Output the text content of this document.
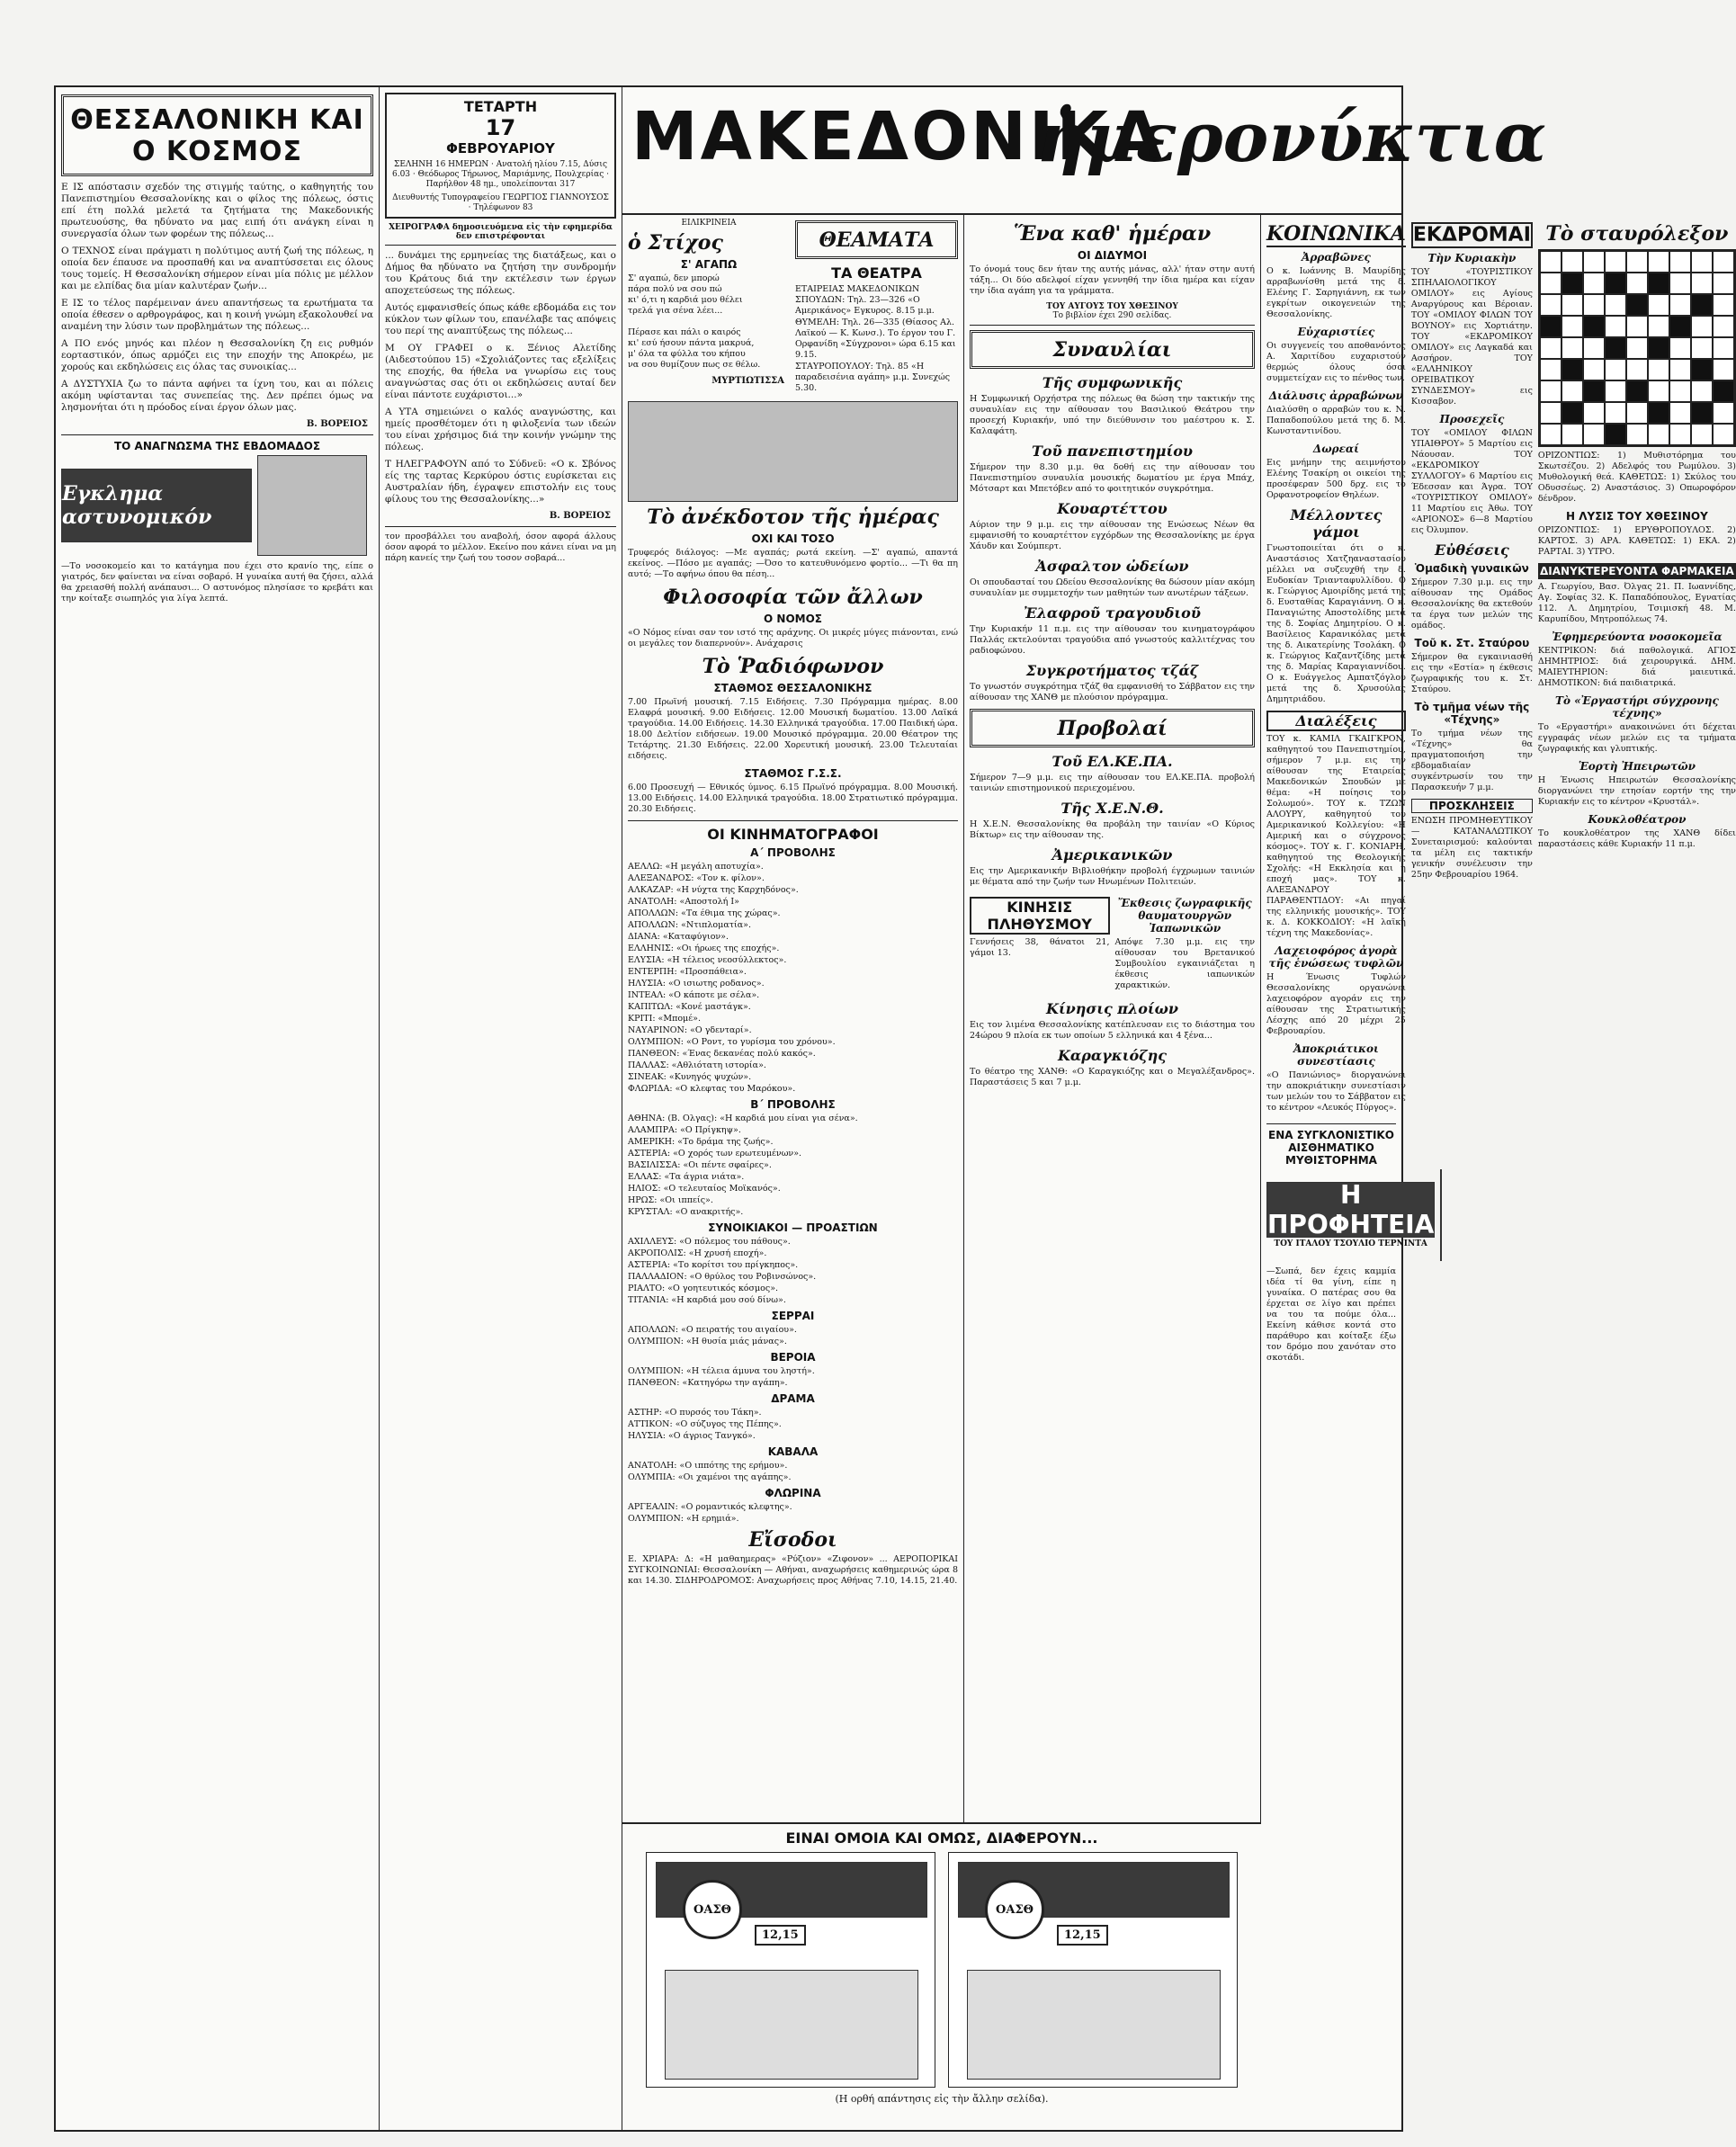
ΘΕΣΣΑΛΟΝΙΚΗ ΚΑΙ Ο ΚΟΣΜΟΣ

Ε ΙΣ απόστασιν σχεδόν της στιγμής ταύτης, ο καθηγητής του Πανεπιστημίου Θεσσαλονίκης και ο φίλος της πόλεως, όστις επί έτη πολλά μελετά τα ζητήματα της Μακεδονικής πρωτευούσης, θα ηδύνατο να μας ειπή ότι ανάγκη είναι η συνεργασία όλων των φορέων της πόλεως...

Ο ΤΕΧΝΟΣ είναι πράγματι η πολύτιμος αυτή ζωή της πόλεως, η οποία δεν έπαυσε να προσπαθή και να αναπτύσσεται εις όλους τους τομείς. Η Θεσσαλονίκη σήμερον είναι μία πόλις με μέλλον και με ελπίδας δια μίαν καλυτέραν ζωήν...

Ε ΙΣ το τέλος παρέμειναν άνευ απαντήσεως τα ερωτήματα τα οποία έθεσεν ο αρθρογράφος, και η κοινή γνώμη εξακολουθεί να αναμένη την λύσιν των προβλημάτων της πόλεως...

Α ΠΟ ενός μηνός και πλέον η Θεσσαλονίκη ζη εις ρυθμόν εορταστικόν, όπως αρμόζει εις την εποχήν της Αποκρέω, με χορούς και εκδηλώσεις εις όλας τας συνοικίας...

Α ΔΥΣΤΥΧΙΑ ζω το πάντα αφήνει τα ίχνη του, και αι πόλεις ακόμη υφίστανται τας συνεπείας της. Δεν πρέπει όμως να λησμονήται ότι η πρόοδος είναι έργον όλων μας.

Β. ΒΟΡΕΙΟΣ
ΤΟ ΑΝΑΓΝΩΣΜΑ ΤΗΣ ΕΒΔΟΜΑΔΟΣ
Εγκλημα αστυνομικόν

—Το νοσοκομείο και το κατάγημα που έχει στο κρανίο της, είπε ο γιατρός, δεν φαίνεται να είναι σοβαρό. Η γυναίκα αυτή θα ζήσει, αλλά θα χρειασθή πολλή ανάπαυσι... Ο αστυνόμος πλησίασε το κρεβάτι και την κοίταξε σιωπηλός για λίγα λεπτά.

ΤΕΤΑΡΤΗ
17
ΦΕΒΡΟΥΑΡΙΟΥ
ΣΕΛΗΝΗ 16 ΗΜΕΡΩΝ · Ανατολή ηλίου 7.15, Δύσις 6.03 · Θεόδωρος Τήρωνος, Μαριάμνης, Πουλχερίας · Παρήλθον 48 ημ., υπολείπονται 317
Διευθυντής Τυπογραφείου ΓΕΩΡΓΙΟΣ ΓΙΑΝΝΟΥΣΟΣ · Τηλέφωνον 83
ΧΕΙΡΟΓΡΑΦΑ δημοσιευόμενα εἰς τὴν εφημερίδα δεν επιστρέφονται

... δυνάμει της ερμηνείας της διατάξεως, και ο Δήμος θα ηδύνατο να ζητήση την συνδρομήν του Κράτους διά την εκτέλεσιν των έργων αποχετεύσεως της πόλεως.

Αυτός εμφανισθείς όπως κάθε εβδομάδα εις τον κύκλον των φίλων του, επανέλαβε τας απόψεις του περί της αναπτύξεως της πόλεως...

Μ ΟΥ ΓΡΑΦΕΙ ο κ. Ξένιος Αλετίδης (Αιδεστούπου 15) «Σχολιάζοντες τας εξελίξεις της εποχής, θα ήθελα να γνωρίσω εις τους αναγνώστας σας ότι οι εκδηλώσεις αυταί δεν είναι πάντοτε ευχάριστοι...»

Α ΥΤΑ σημειώνει ο καλός αναγνώστης, και ημείς προσθέτομεν ότι η φιλοξενία των ιδεών του είναι χρήσιμος διά την κοινήν γνώμην της πόλεως.

Τ ΗΛΕΓΡΑΦΟΥΝ από το Σύδνεϋ: «Ο κ. Σβόνος είς της ταρτας Κερκύρου όστις ευρίσκεται εις Αυστραλίαν ήδη, έγραψεν επιστολήν εις τους φίλους του της Θεσσαλονίκης...»

Β. ΒΟΡΕΙΟΣ

τον προσβάλλει του αναβολή, όσον αφορά άλλους όσον αφορά το μέλλον. Εκείνο που κάνει είναι να μη πάρη κανείς την ζωή του τοσον σοβαρά...

ΜΑΚΕΔΟΝΙΚΑ
ἡμερονύκτια
ΕΙΛΙΚΡΙΝΕΙΑ
ὁ Στίχος
Σ' ΑΓΑΠΩ

Σ' αγαπώ, δεν μπορώ
πάρα πολύ να σου πώ
κι' ό,τι η καρδιά μου θέλει
τρελά για σένα λέει...

Πέρασε και πάλι ο καιρός
κι' εσύ ήσουν πάντα μακρυά,
μ' όλα τα φύλλα του κήπου
να σου θυμίζουν πως σε θέλω.

ΜΥΡΤΙΩΤΙΣΣΑ
ΘΕΑΜΑΤΑ
ΤΑ ΘΕΑΤΡΑ
ΕΤΑΙΡΕΙΑΣ ΜΑΚΕΔΟΝΙΚΩΝ ΣΠΟΥΔΩΝ: Τηλ. 23—326 «Ο Αμερικάνος» Εγκυρος. 8.15 μ.μ.
ΘΥΜΕΛΗ: Τηλ. 26—335 (Θίασος Αλ. Λαϊκού — Κ. Κωνσ.). Το έργον του Γ. Ορφανίδη «Σύγχρονοι» ώρα 6.15 και 9.15.
ΣΤΑΥΡΟΠΟΥΛΟΥ: Τηλ. 85 «Η παραδεισένια αγάπη» μ.μ. Συνεχώς 5.30.
Τὸ ἀνέκδοτον τῆς ἡμέρας
ΟΧΙ ΚΑΙ ΤΟΣΟ

Τρυφερός διάλογος: —Με αγαπάς; ρωτά εκείνη. —Σ' αγαπώ, απαντά εκείνος. —Πόσο με αγαπάς; —Όσο το κατευθυνόμενο φορτίο... —Τι θα πη αυτό; —Το αφήνω όπου θα πέση...

Φιλοσοφία τῶν ἄλλων
Ο ΝΟΜΟΣ

«Ο Νόμος είναι σαν τον ιστό της αράχνης. Οι μικρές μύγες πιάνονται, ενώ οι μεγάλες τον διαπερνούν». Ανάχαρσις

Τὸ Ῥαδιόφωνον
ΣΤΑΘΜΟΣ ΘΕΣΣΑΛΟΝΙΚΗΣ

7.00 Πρωϊνή μουσική. 7.15 Ειδήσεις. 7.30 Πρόγραμμα ημέρας. 8.00 Ελαφρά μουσική. 9.00 Ειδήσεις. 12.00 Μουσική δωματίου. 13.00 Λαϊκά τραγούδια. 14.00 Ειδήσεις. 14.30 Ελληνικά τραγούδια. 17.00 Παιδική ώρα. 18.00 Δελτίον ειδήσεων. 19.00 Μουσικό πρόγραμμα. 20.00 Θέατρον της Τετάρτης. 21.30 Ειδήσεις. 22.00 Χορευτική μουσική. 23.00 Τελευταίαι ειδήσεις.

ΣΤΑΘΜΟΣ Γ.Σ.Σ.

6.00 Προσευχή — Εθνικός ύμνος. 6.15 Πρωϊνό πρόγραμμα. 8.00 Μουσική. 13.00 Ειδήσεις. 14.00 Ελληνικά τραγούδια. 18.00 Στρατιωτικό πρόγραμμα. 20.30 Ειδήσεις.

ΟΙ ΚΙΝΗΜΑΤΟΓΡΑΦΟΙ
Α΄ ΠΡΟΒΟΛΗΣ
ΑΕΛΛΩ: «Η μεγάλη αποτυχία».
ΑΛΕΞΑΝΔΡΟΣ: «Τον κ. φίλον».
ΑΛΚΑΖΑΡ: «Η νύχτα της Καρχηδόνος».
ΑΝΑΤΟΛΗ: «Αποστολή Ι»
ΑΠΟΛΛΩΝ: «Τα έθιμα της χώρας».
ΑΠΟΛΛΩΝ: «Ντιπλοματία».
ΔΙΑΝΑ: «Καταφύγιον».
ΕΛΛΗΝΙΣ: «Οι ήρωες της εποχής».
ΕΛΥΣΙΑ: «Η τέλειος νεοσύλλεκτος».
ΕΝΤΕΡΠΗ: «Προσπάθεια».
ΗΛΥΣΙΑ: «Ο ισιωτης ροδανος».
ΙΝΤΕΑΛ: «Ο κάποτε με σέλα».
ΚΑΠΙΤΩΛ: «Κονέ μαστάγκ».
ΚΡΙΤΙ: «Μπομέ».
ΝΑΥΑΡΙΝΟΝ: «Ο γδενταρί».
ΟΛΥΜΠΙΟΝ: «Ο Ροντ, το γυρίσμα του χρόνου».
ΠΑΝΘΕΟΝ: «Ένας δεκανέας πολύ κακός».
ΠΑΛΛΑΣ: «Αθλιότατη ιστορία».
ΣΙΝΕΑΚ: «Κυνηγός ψυχών».
ΦΛΩΡΙΔΑ: «Ο κλεφτας του Μαρόκου».
Β΄ ΠΡΟΒΟΛΗΣ
ΑΘΗΝΑ: (Β. Ολγας): «Η καρδιά μου είναι για σένα».
ΑΛΑΜΠΡΑ: «Ο Πρίγκηψ».
ΑΜΕΡΙΚΗ: «Το δράμα της ζωής».
ΑΣΤΕΡΙΑ: «Ο χορός των ερωτευμένων».
ΒΑΣΙΛΙΣΣΑ: «Οι πέντε σφαίρες».
ΕΛΛΑΣ: «Τα άγρια νιάτα».
ΗΛΙΟΣ: «Ο τελευταίος Μοϊκανός».
ΗΡΩΣ: «Οι ιππείς».
ΚΡΥΣΤΑΛ: «Ο ανακριτής».
ΣΥΝΟΙΚΙΑΚΟΙ — ΠΡΟΑΣΤΙΩΝ
ΑΧΙΛΛΕΥΣ: «Ο πόλεμος του πάθους».
ΑΚΡΟΠΟΛΙΣ: «Η χρυσή εποχή».
ΑΣΤΕΡΙΑ: «Το κορίτσι του πρίγκηπος».
ΠΑΛΛΑΔΙΟΝ: «Ο θρύλος του Ροβινσώνος».
ΡΙΑΛΤΟ: «Ο γοητευτικός κόσμος».
ΤΙΤΑΝΙΑ: «Η καρδιά μου σού δίνω».
ΣΕΡΡΑΙ
ΑΠΟΛΛΩΝ: «Ο πειρατής του αιγαίου».
ΟΛΥΜΠΙΟΝ: «Η θυσία μιάς μάνας».
ΒΕΡΟΙΑ
ΟΛΥΜΠΙΟΝ: «Η τέλεια άμυνα του ληστή».
ΠΑΝΘΕΟΝ: «Κατηγόρω την αγάπη».
ΔΡΑΜΑ
ΑΣΤΗΡ: «Ο πυρσός του Τάκη».
ΑΤΤΙΚΟΝ: «Ο σύζυγος της Πέπης».
ΗΛΥΣΙΑ: «Ο άγριος Τανγκό».
ΚΑΒΑΛΑ
ΑΝΑΤΟΛΗ: «Ο ιππότης της ερήμου».
ΟΛΥΜΠΙΑ: «Οι χαμένοι της αγάπης».
ΦΛΩΡΙΝΑ
ΑΡΓΕΑΛΙΝ: «Ο ρομαντικός κλεφτης».
ΟΛΥΜΠΙΟΝ: «Η ερημιά».
Εἴσοδοι

Ε. ΧΡΙΑΡΑ: Δ: «Η μαθαημερας» «Ρύζιον» «Ζιφονον» ... ΑΕΡΟΠΟΡΙΚΑΙ ΣΥΓΚΟΙΝΩΝΙΑΙ: Θεσσαλονίκη — Αθήναι, αναχωρήσεις καθημερινώς ώρα 8 και 14.30. ΣΙΔΗΡΟΔΡΟΜΟΣ: Αναχωρήσεις προς Αθήνας 7.10, 14.15, 21.40.

Ἕνα καθ' ἡμέραν
ΟΙ ΔΙΔΥΜΟΙ

Το όνομά τους δεν ήταν της αυτής μάνας, αλλ' ήταν στην αυτή τάξη... Οι δύο αδελφοί είχαν γεννηθή την ίδια ημέρα και είχαν την ίδια αγάπη για τα γράμματα.

ΤΟΥ ΑΥΓΟΥΣ ΤΟΥ ΧΘΕΣΙΝΟΥ
Το βιβλίον έχει 290 σελίδας.
Συναυλίαι
Τῆς συμφωνικῆς

Η Συμφωνική Ορχήστρα της πόλεως θα δώση την τακτικήν της συναυλίαν εις την αίθουσαν του Βασιλικού Θεάτρου την προσεχή Κυριακήν, υπό την διεύθυνσιν του μαέστρου κ. Σ. Καλαφάτη.

Τοῦ πανεπιστημίου

Σήμερον την 8.30 μ.μ. θα δοθή εις την αίθουσαν του Πανεπιστημίου συναυλία μουσικής δωματίου με έργα Μπάχ, Μότσαρτ και Μπετόβεν από το φοιτητικόν συγκρότημα.

Κουαρτέττου

Αύριον την 9 μ.μ. εις την αίθουσαν της Ενώσεως Νέων θα εμφανισθή το κουαρτέττον εγχόρδων της Θεσσαλονίκης με έργα Χάυδν και Σούμπερτ.

Ἀσφαλτον ὠδείων

Οι σπουδασταί του Ωδείου Θεσσαλονίκης θα δώσουν μίαν ακόμη συναυλίαν με συμμετοχήν των μαθητών των ανωτέρων τάξεων.

Ἐλαφροῦ τραγουδιοῦ

Την Κυριακήν 11 π.μ. εις την αίθουσαν του κινηματογράφου Παλλάς εκτελούνται τραγούδια από γνωστούς καλλιτέχνας του ραδιοφώνου.

Συγκροτήματος τζάζ

Το γνωστόν συγκρότημα τζάζ θα εμφανισθή το Σάββατον εις την αίθουσαν της ΧΑΝΘ με πλούσιον πρόγραμμα.

Προβολαί
Τοῦ ΕΛ.ΚΕ.ΠΑ.

Σήμερον 7—9 μ.μ. εις την αίθουσαν του ΕΛ.ΚΕ.ΠΑ. προβολή ταινιών επιστημονικού περιεχομένου.

Τῆς Χ.Ε.Ν.Θ.

Η Χ.Ε.Ν. Θεσσαλονίκης θα προβάλη την ταινίαν «Ο Κύριος Βίκτωρ» εις την αίθουσαν της.

Ἀμερικανικῶν

Εις την Αμερικανικήν Βιβλιοθήκην προβολή έγχρωμων ταινιών με θέματα από την ζωήν των Ηνωμένων Πολιτειών.

ΚΙΝΗΣΙΣ ΠΛΗΘΥΣΜΟΥ

Γεννήσεις 38, θάνατοι 21, γάμοι 13.

Ἔκθεσις ζωγραφικῆς θαυματουργῶν Ἰαπωνικῶν

Απόψε 7.30 μ.μ. εις την αίθουσαν του Βρετανικού Συμβουλίου εγκαινιάζεται η έκθεσις ιαπωνικών χαρακτικών.

Κίνησις πλοίων

Εις τον λιμένα Θεσσαλονίκης κατέπλευσαν εις το διάστημα του 24ώρου 9 πλοία εκ των οποίων 5 ελληνικά και 4 ξένα...

Καραγκιόζης

Το θέατρο της ΧΑΝΘ: «Ο Καραγκιόζης και ο Μεγαλέξανδρος». Παραστάσεις 5 και 7 μ.μ.

ΚΟΙΝΩΝΙΚΑ
Ἀρραβῶνες

Ο κ. Ιωάννης Β. Μαυρίδης αρραβωνίσθη μετά της δ. Ελένης Γ. Σαρηγιάννη, εκ των εγκρίτων οικογενειών της Θεσσαλονίκης.

Εὐχαριστίες

Οι συγγενείς του αποθανόντος Α. Χαριτίδου ευχαριστούν θερμώς όλους όσοι συμμετείχαν εις το πένθος των.

Διάλυσις ἀρραβώνων

Διαλύσθη ο αρραβών του κ. Ν. Παπαδοπούλου μετά της δ. Μ. Κωνσταντινίδου.

Δωρεαί

Εις μνήμην της αειμνήστου Ελένης Τσακίρη οι οικείοι της προσέφεραν 500 δρχ. εις το Ορφανοτροφείον Θηλέων.

Μέλλοντες γάμοι

Γνωστοποιείται ότι ο κ. Αναστάσιος Χατζηαναστασίου μέλλει να συζευχθή την δ. Ευδοκίαν Τριανταφυλλίδου. Ο κ. Γεώργιος Αμοιρίδης μετά της δ. Ευσταθίας Καραγιάννη. Ο κ. Παναγιώτης Αποστολίδης μετά της δ. Σοφίας Δημητρίου. Ο κ. Βασίλειος Καρανικόλας μετά της δ. Αικατερίνης Τσολάκη. Ο κ. Γεώργιος Καζαντζίδης μετά της δ. Μαρίας Καραγιαννίδου. Ο κ. Ευάγγελος Αμπατζόγλου μετά της δ. Χρυσούλας Δημητριάδου.

Διαλέξεις

ΤΟΥ κ. ΚΑΜΙΛ ΓΚΑΙΓΚΡΟΝ, καθηγητού του Πανεπιστημίου, σήμερον 7 μ.μ. εις την αίθουσαν της Εταιρείας Μακεδονικών Σπουδών με θέμα: «Η ποίησις του Σολωμού». ΤΟΥ κ. ΤΖΩΝ ΑΛΟΥΡΥ, καθηγητού του Αμερικανικού Κολλεγίου: «Η Αμερική και ο σύγχρονος κόσμος». ΤΟΥ κ. Γ. ΚΟΝΙΑΡΗ, καθηγητού της Θεολογικής Σχολής: «Η Εκκλησία και η εποχή μας». ΤΟΥ κ. ΑΛΕΞΑΝΔΡΟΥ ΠΑΡΑΘΕΝΤΙΔΟΥ: «Αι πηγαί της ελληνικής μουσικής». ΤΟΥ κ. Δ. ΚΟΚΚΟΔΙΟΥ: «Η λαϊκή τέχνη της Μακεδονίας».

Λαχειοφόρος ἀγορὰ τῆς ἑνώσεως τυφλῶν

Η Ένωσις Τυφλών Θεσσαλονίκης οργανώνει λαχειοφόρον αγοράν εις την αίθουσαν της Στρατιωτικής Λέσχης από 20 μέχρι 25 Φεβρουαρίου.

Ἀποκριάτικοι συνεστίασις

«Ο Πανιώνιος» διοργανώνει την αποκριάτικην συνεστίασιν των μελών του το Σάββατον εις το κέντρον «Λευκός Πύργος».

ΕΚΔΡΟΜΑΙ
Τὴν Κυριακὴν

ΤΟΥ «ΤΟΥΡΙΣΤΙΚΟΥ ΣΠΗΛΑΙΟΛΟΓΙΚΟΥ ΟΜΙΛΟΥ» εις Αγίους Αναργύρους και Βέροιαν. ΤΟΥ «ΟΜΙΛΟΥ ΦΙΛΩΝ ΤΟΥ ΒΟΥΝΟΥ» εις Χορτιάτην. ΤΟΥ «ΕΚΔΡΟΜΙΚΟΥ ΟΜΙΛΟΥ» εις Λαγκαδά και Ασσήρον. ΤΟΥ «ΕΛΛΗΝΙΚΟΥ ΟΡΕΙΒΑΤΙΚΟΥ ΣΥΝΔΕΣΜΟΥ» εις Κισσαβον.

Προσεχεῖς

ΤΟΥ «ΟΜΙΛΟΥ ΦΙΛΩΝ ΥΠΑΙΘΡΟΥ» 5 Μαρτίου εις Νάουσαν. ΤΟΥ «ΕΚΔΡΟΜΙΚΟΥ ΣΥΛΛΟΓΟΥ» 6 Μαρτίου εις Έδεσσαν και Άγρα. ΤΟΥ «ΤΟΥΡΙΣΤΙΚΟΥ ΟΜΙΛΟΥ» 11 Μαρτίου εις Άθω. ΤΟΥ «ΑΡΙΟΝΟΣ» 6—8 Μαρτίου εις Όλυμπον.

Εὐθέσεις
Ὁμαδικὴ γυναικῶν

Σήμερον 7.30 μ.μ. εις την αίθουσαν της Ομάδος Θεσσαλονίκης θα εκτεθούν τα έργα των μελών της ομάδος.

Τοῦ κ. Στ. Σταύρου

Σήμερον θα εγκαινιασθή εις την «Εστία» η έκθεσις ζωγραφικής του κ. Στ. Σταύρου.

Τὸ τμῆμα νέων τῆς «Τέχνης»

Το τμήμα νέων της «Τέχνης» θα πραγματοποιήση την εβδομαδιαίαν συγκέντρωσίν του την Παρασκευήν 7 μ.μ.

ΠΡΟΣΚΛΗΣΕΙΣ

ΕΝΩΣΗ ΠΡΟΜΗΘΕΥΤΙΚΟΥ — ΚΑΤΑΝΑΛΩΤΙΚΟΥ Συνεταιρισμού: καλούνται τα μέλη εις τακτικήν γενικήν συνέλευσιν την 25ην Φεβρουαρίου 1964.

Τὸ σταυρόλεξον

ΟΡΙΖΟΝΤΙΩΣ: 1) Μυθιστόρημα του Σκωτσέζου. 2) Αδελφός του Ρωμύλου. 3) Μυθολογική θεά. ΚΑΘΕΤΩΣ: 1) Σκύλος του Οδυσσέως. 2) Αναστάσιος. 3) Οπωροφόρον δένδρον.

Η ΛΥΣΙΣ ΤΟΥ ΧΘΕΣΙΝΟΥ

ΟΡΙΖΟΝΤΙΩΣ: 1) ΕΡΥΘΡΟΠΟΥΛΟΣ. 2) ΚΑΡΤΟΣ. 3) ΑΡΑ. ΚΑΘΕΤΩΣ: 1) ΕΚΑ. 2) ΡΑΡΤΑΙ. 3) ΥΤΡΟ.

ΔΙΑΝΥΚΤΕΡΕΥΟΝΤΑ ΦΑΡΜΑΚΕΙΑ

Α. Γεωργίου, Βασ. Όλγας 21. Π. Ιωαννίδης, Αγ. Σοφίας 32. Κ. Παπαδόπουλος, Εγνατίας 112. Λ. Δημητρίου, Τσιμισκή 48. Μ. Καρυπίδου, Μητροπόλεως 74.

Ἐφημερεύοντα νοσοκομεῖα

ΚΕΝΤΡΙΚΟΝ: διά παθολογικά. ΑΓΙΟΣ ΔΗΜΗΤΡΙΟΣ: διά χειρουργικά. ΔΗΜ. ΜΑΙΕΥΤΗΡΙΟΝ: διά μαιευτικά. ΔΗΜΟΤΙΚΟΝ: διά παιδιατρικά.

Τὸ «Ἐργαστήρι σύγχρονης τέχνης»

Το «Εργαστήρι» ανακοινώνει ότι δέχεται εγγραφάς νέων μελών εις τα τμήματα ζωγραφικής και γλυπτικής.

Ἑορτὴ Ἠπειρωτῶν

Η Ένωσις Ηπειρωτών Θεσσαλονίκης διοργανώνει την ετησίαν εορτήν της την Κυριακήν εις το κέντρον «Κρυστάλ».

Κουκλοθέατρον

Το κουκλοθέατρον της ΧΑΝΘ δίδει παραστάσεις κάθε Κυριακήν 11 π.μ.

ΕΝΑ ΣΥΓΚΛΟΝΙΣΤΙΚΟ ΑΙΣΘΗΜΑΤΙΚΟ ΜΥΘΙΣΤΟΡΗΜΑ
Η ΠΡΟΦΗΤΕΙΑ
ΤΟΥ ΙΤΑΛΟΥ ΤΣΟΥΛΙΟ ΤΕΡΝΙΝΤΑ

—Σωπά, δεν έχεις καμμία ιδέα τί θα γίνη, είπε η γυναίκα. Ο πατέρας σου θα έρχεται σε λίγο και πρέπει να του τα πούμε όλα... Εκείνη κάθισε κοντά στο παράθυρο και κοίταξε έξω τον δρόμο που χανόταν στο σκοτάδι.

ΕΙΝΑΙ ΟΜΟΙΑ ΚΑΙ ΟΜΩΣ, ΔΙΑΦΕΡΟΥΝ...
ΟΑΣΘ
12,15
ΟΑΣΘ
12,15
(Η ορθή απάντησις εἰς τὴν ἄλλην σελίδα).
